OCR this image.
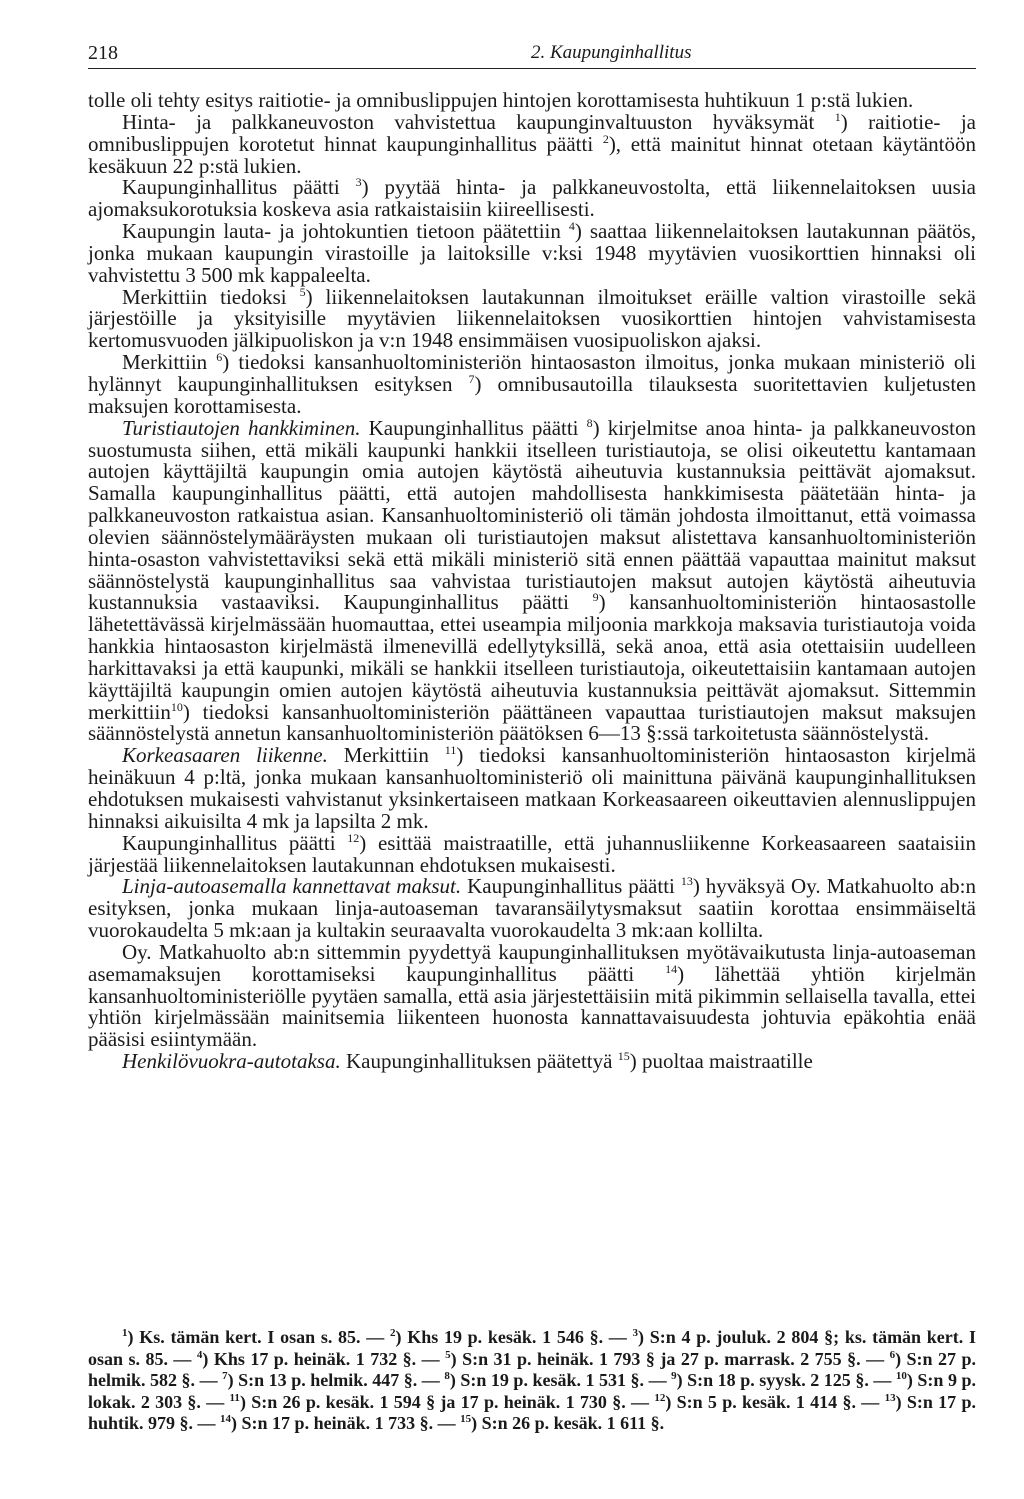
218	2. Kaupunginhallitus

tolle oli tehty esitys raitiotie- ja omnibuslippujen hintojen korottamisesta huhtikuun 1 p:stä lukien.

Hinta- ja palkkaneuvoston vahvistettua kaupunginvaltuuston hyväksymät $^1$) raitiotie- ja omnibuslippujen korotetut hinnat kaupunginhallitus päätti $^2$), että mainitut hinnat otetaan käytäntöön kesäkuun 22 p:stä lukien.

Kaupunginhallitus päätti $^3$) pyytää hinta- ja palkkaneuvostolta, että liikennelaitoksen uusia ajomaksukorotuksia koskeva asia ratkaistaisiin kiireellisesti.

Kaupungin lauta- ja johtokuntien tietoon päätettiin $^4$) saattaa liikennelaitoksen lautakunnan päätös, jonka mukaan kaupungin virastoille ja laitoksille v:ksi 1948 myytävien vuosikorttien hinnaksi oli vahvistettu 3 500 mk kappaleelta.

Merkittiin tiedoksi $^5$) liikennelaitoksen lautakunnan ilmoitukset eräille valtion virastoille sekä järjestöille ja yksityisille myytävien liikennelaitoksen vuosikorttien hintojen vahvistamisesta kertomusvuoden jälkipuoliskon ja v:n 1948 ensimmäisen vuosipuoliskon ajaksi.

Merkittiin $^6$) tiedoksi kansanhuoltoministeriön hintaosaston ilmoitus, jonka mukaan ministeriö oli hylännyt kaupunginhallituksen esityksen $^7$) omnibusautoilla tilauksesta suoritettavien kuljetusten maksujen korottamisesta.

Turistiautojen hankkiminen. Kaupunginhallitus päätti $^8$) kirjelmitse anoa hinta- ja palkkaneuvoston suostumusta siihen, että mikäli kaupunki hankkii itselleen turistiautoja, se olisi oikeutettu kantamaan autojen käyttäjiltä kaupungin omia autojen käytöstä aiheutuvia kustannuksia peittävät ajomaksut. Samalla kaupunginhallitus päätti, että autojen mahdollisesta hankkimisesta päätetään hinta- ja palkkaneuvoston ratkaistua asian. Kansanhuoltoministeriö oli tämän johdosta ilmoittanut, että voimassa olevien säännöstelymääräysten mukaan oli turistiautojen maksut alistettava kansanhuoltoministeriön hinta-osaston vahvistettaviksi sekä että mikäli ministeriö sitä ennen päättää vapauttaa mainitut maksut säännöstelystä kaupunginhallitus saa vahvistaa turistiautojen maksut autojen käytöstä aiheutuvia kustannuksia vastaaviksi. Kaupunginhallitus päätti $^9$) kansanhuoltoministeriön hintaosastolle lähetettävässä kirjelmässään huomauttaa, ettei useampia miljoonia markkoja maksavia turistiautoja voida hankkia hintaosaston kirjelmästä ilmenevillä edellytyksillä, sekä anoa, että asia otettaisiin uudelleen harkittavaksi ja että kaupunki, mikäli se hankkii itselleen turistiautoja, oikeutettaisiin kantamaan autojen käyttäjiltä kaupungin omien autojen käytöstä aiheutuvia kustannuksia peittävät ajomaksut. Sittemmin merkittiin$^{10}$) tiedoksi kansanhuoltoministeriön päättäneen vapauttaa turistiautojen maksut maksujen säännöstelystä annetun kansanhuoltoministeriön päätöksen 6—13 §:ssä tarkoitetusta säännöstelystä.

Korkeasaaren liikenne. Merkittiin $^{11}$) tiedoksi kansanhuoltoministeriön hintaosaston kirjelmä heinäkuun 4 p:ltä, jonka mukaan kansanhuoltoministeriö oli mainittuna päivänä kaupunginhallituksen ehdotuksen mukaisesti vahvistanut yksinkertaiseen matkaan Korkeasaareen oikeuttavien alennuslippujen hinnaksi aikuisilta 4 mk ja lapsilta 2 mk.

Kaupunginhallitus päätti $^{12}$) esittää maistraatille, että juhannusliikenne Korkeasaareen saataisiin järjestää liikennelaitoksen lautakunnan ehdotuksen mukaisesti.

Linja-autoasemalla kannettavat maksut. Kaupunginhallitus päätti $^{13}$) hyväksyä Oy. Matkahuolto ab:n esityksen, jonka mukaan linja-autoaseman tavaransäilytysmaksut saatiin korottaa ensimmäiseltä vuorokaudelta 5 mk:aan ja kultakin seuraavalta vuorokaudelta 3 mk:aan kollilta.

Oy. Matkahuolto ab:n sittemmin pyydettyä kaupunginhallituksen myötävaikutusta linja-autoaseman asemamaksujen korottamiseksi kaupunginhallitus päätti $^{14}$) lähettää yhtiön kirjelmän kansanhuoltoministeriölle pyytäen samalla, että asia järjestettäisiin mitä pikimmin sellaisella tavalla, ettei yhtiön kirjelmässään mainitsemia liikenteen huonosta kannattavaisuudesta johtuvia epäkohtia enää pääsisi esiintymään.

Henkilövuokra-autotaksa. Kaupunginhallituksen päätettyä $^{15}$) puoltaa maistraatille

$^1$) Ks. tämän kert. I osan s. 85. — $^2$) Khs 19 p. kesäk. 1 546 §. — $^3$) S:n 4 p. jouluk. 2 804 §; ks. tämän kert. I osan s. 85. — $^4$) Khs 17 p. heinäk. 1 732 §. — $^5$) S:n 31 p. heinäk. 1 793 § ja 27 p. marrask. 2 755 §. — $^6$) S:n 27 p. helmik. 582 §. — $^7$) S:n 13 p. helmik. 447 §. — $^8$) S:n 19 p. kesäk. 1 531 §. — $^9$) S:n 18 p. syysk. 2 125 §. — $^{10}$) S:n 9 p. lokak. 2 303 §. — $^{11}$) S:n 26 p. kesäk. 1 594 § ja 17 p. heinäk. 1 730 §. — $^{12}$) S:n 5 p. kesäk. 1 414 §. — $^{13}$) S:n 17 p. huhtik. 979 §. — $^{14}$) S:n 17 p. heinäk. 1 733 §. — $^{15}$) S:n 26 p. kesäk. 1 611 §.
